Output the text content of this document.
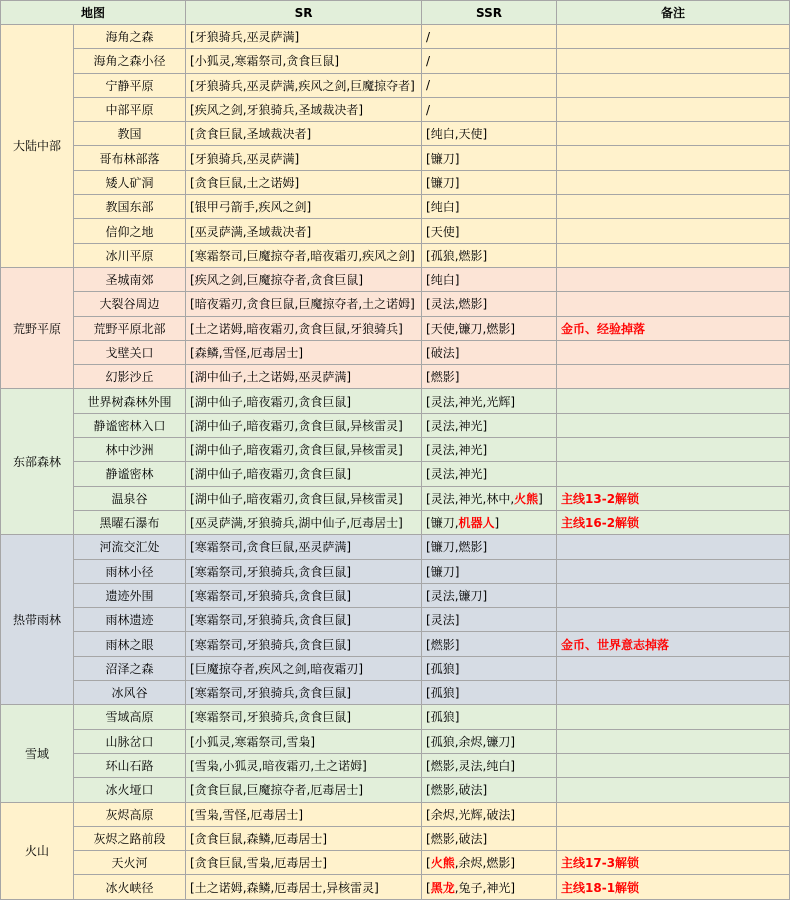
地图		SR	SSR	备注
大陆中部	海角之森	[牙狼骑兵,巫灵萨满]	/	
	海角之森小径	[小狐灵,寒霜祭司,贪食巨鼠]	/	
	宁静平原	[牙狼骑兵,巫灵萨满,疾风之剑,巨魔掠夺者]	/	
	中部平原	[疾风之剑,牙狼骑兵,圣域裁决者]	/	
	教国	[贪食巨鼠,圣域裁决者]	[纯白,天使]	
	哥布林部落	[牙狼骑兵,巫灵萨满]	[镰刀]	
	矮人矿洞	[贪食巨鼠,土之诺姆]	[镰刀]	
	教国东部	[银甲弓箭手,疾风之剑]	[纯白]	
	信仰之地	[巫灵萨满,圣域裁决者]	[天使]	
	冰川平原	[寒霜祭司,巨魔掠夺者,暗夜霜刃,疾风之剑]	[孤狼,燃影]	
荒野平原	圣城南郊	[疾风之剑,巨魔掠夺者,贪食巨鼠]	[纯白]	
	大裂谷周边	[暗夜霜刃,贪食巨鼠,巨魔掠夺者,土之诺姆]	[灵法,燃影]	
	荒野平原北部	[土之诺姆,暗夜霜刃,贪食巨鼠,牙狼骑兵]	[天使,镰刀,燃影]	金币、经验掉落
	戈壁关口	[森鳞,雪怪,厄毒居士]	[破法]	
	幻影沙丘	[湖中仙子,土之诺姆,巫灵萨满]	[燃影]	
东部森林	世界树森林外围	[湖中仙子,暗夜霜刃,贪食巨鼠]	[灵法,神光,光辉]	
	静谧密林入口	[湖中仙子,暗夜霜刃,贪食巨鼠,异核雷灵]	[灵法,神光]	
	林中沙洲	[湖中仙子,暗夜霜刃,贪食巨鼠,异核雷灵]	[灵法,神光]	
	静谧密林	[湖中仙子,暗夜霜刃,贪食巨鼠]	[灵法,神光]	
	温泉谷	[湖中仙子,暗夜霜刃,贪食巨鼠,异核雷灵]	[灵法,神光,林中,火熊]	主线13-2解锁
	黑曜石瀑布	[巫灵萨满,牙狼骑兵,湖中仙子,厄毒居士]	[镰刀,机器人]	主线16-2解锁
热带雨林	河流交汇处	[寒霜祭司,贪食巨鼠,巫灵萨满]	[镰刀,燃影]	
	雨林小径	[寒霜祭司,牙狼骑兵,贪食巨鼠]	[镰刀]	
	遗迹外围	[寒霜祭司,牙狼骑兵,贪食巨鼠]	[灵法,镰刀]	
	雨林遗迹	[寒霜祭司,牙狼骑兵,贪食巨鼠]	[灵法]	
	雨林之眼	[寒霜祭司,牙狼骑兵,贪食巨鼠]	[燃影]	金币、世界意志掉落
	沼泽之森	[巨魔掠夺者,疾风之剑,暗夜霜刃]	[孤狼]	
	冰风谷	[寒霜祭司,牙狼骑兵,贪食巨鼠]	[孤狼]	
雪域	雪域高原	[寒霜祭司,牙狼骑兵,贪食巨鼠]	[孤狼]	
	山脉岔口	[小狐灵,寒霜祭司,雪枭]	[孤狼,余烬,镰刀]	
	环山石路	[雪枭,小狐灵,暗夜霜刃,土之诺姆]	[燃影,灵法,纯白]	
	冰火垭口	[贪食巨鼠,巨魔掠夺者,厄毒居士]	[燃影,破法]	
火山	灰烬高原	[雪枭,雪怪,厄毒居士]	[余烬,光辉,破法]	
	灰烬之路前段	[贪食巨鼠,森鳞,厄毒居士]	[燃影,破法]	
	天火河	[贪食巨鼠,雪枭,厄毒居士]	[火熊,余烬,燃影]	主线17-3解锁
	冰火峡径	[土之诺姆,森鳞,厄毒居士,异核雷灵]	[黑龙,兔子,神光]	主线18-1解锁
